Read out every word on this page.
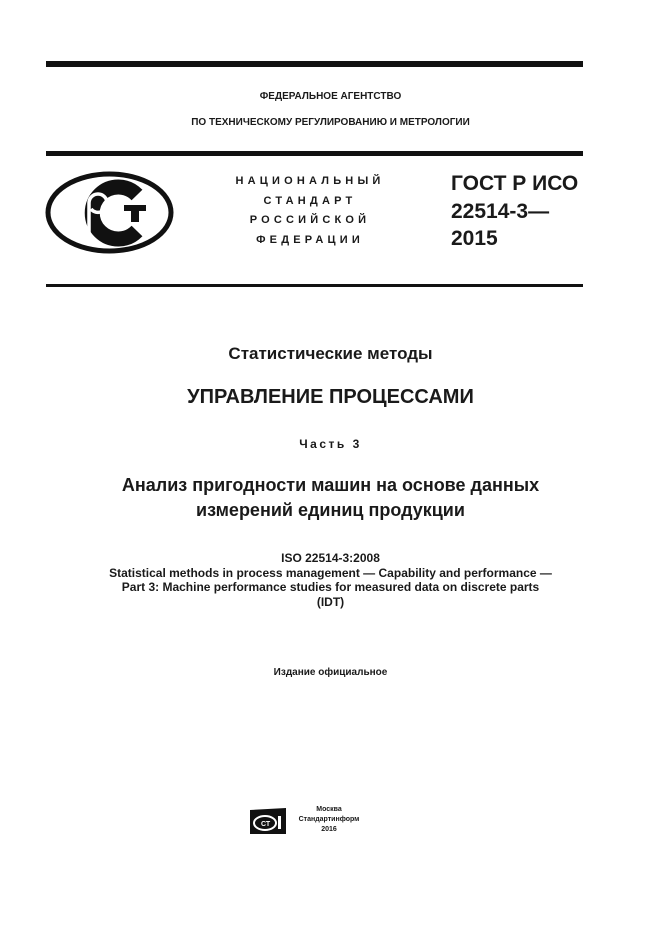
ФЕДЕРАЛЬНОЕ АГЕНТСТВО
ПО ТЕХНИЧЕСКОМУ РЕГУЛИРОВАНИЮ И МЕТРОЛОГИИ
НАЦИОНАЛЬНЫЙ
СТАНДАРТ
РОССИЙСКОЙ
ФЕДЕРАЦИИ
ГОСТ Р ИСО
22514-3—
2015
Статистические методы
УПРАВЛЕНИЕ ПРОЦЕССАМИ
Часть 3
Анализ пригодности машин на основе данных
измерений единиц продукции
ISO 22514-3:2008
Statistical methods in process management — Capability and performance —
Part 3: Machine performance studies for measured data on discrete parts
(IDT)
Издание официальное
СТ
Москва
Стандартинформ
2016
